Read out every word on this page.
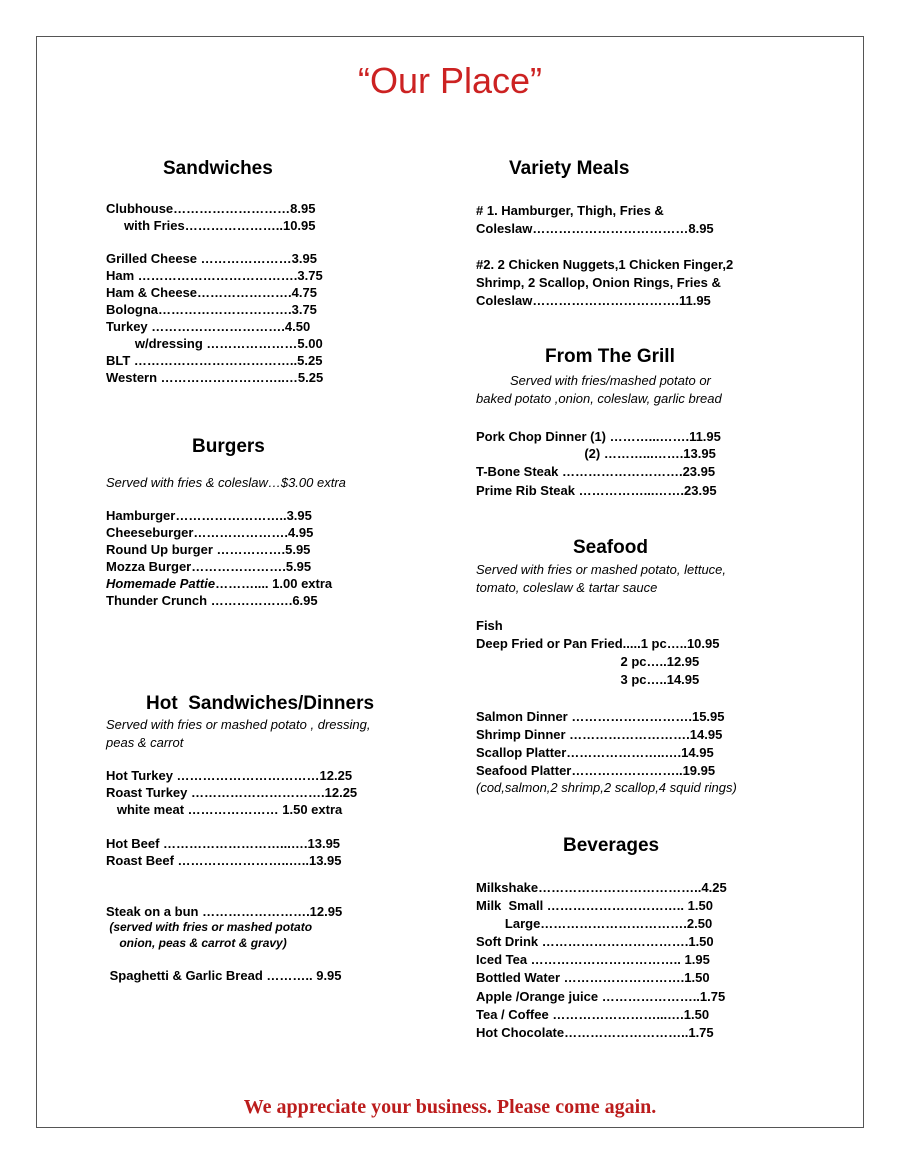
“Our Place”
Sandwiches
Clubhouse………………………8.95
with Fries…………………..10.95
Grilled Cheese …………………3.95
Ham ……………………………….3.75
Ham & Cheese………………….4.75
Bologna………………………….3.75
Turkey ………………………….4.50
w/dressing …………………5.00
BLT ………………………………..5.25
Western ………………………..…5.25
Burgers
Served with fries & coleslaw…$3.00 extra
Hamburger……………………..3.95
Cheeseburger………………….4.95
Round Up burger …………….5.95
Mozza Burger………………….5.95
Homemade Pattie……….... 1.00 extra
Thunder Crunch ……………….6.95
Hot  Sandwiches/Dinners
Served with fries or mashed potato , dressing,
peas & carrot
Hot Turkey ……………………………12.25
Roast Turkey ………………………….12.25
white meat ………………… 1.50 extra
Hot Beef ………………………...….13.95
Roast Beef ……………………..…..13.95
Steak on a bun …………………….12.95
(served with fries or mashed potato
onion, peas & carrot & gravy)
Spaghetti & Garlic Bread ……….. 9.95
Variety Meals
# 1. Hamburger, Thigh, Fries &
Coleslaw………………………………8.95
#2. 2 Chicken Nuggets,1 Chicken Finger,2
Shrimp, 2 Scallop, Onion Rings, Fries &
Coleslaw…………………………….11.95
From The Grill
Served with fries/mashed potato or
baked potato ,onion, coleslaw, garlic bread
Pork Chop Dinner (1) ………...…….11.95
(2) ………...…….13.95
T-Bone Steak ……………………….23.95
Prime Rib Steak ……………...…….23.95
Seafood
Served with fries or mashed potato, lettuce,
tomato, coleslaw & tartar sauce
Fish
Deep Fried or Pan Fried.....1 pc…..10.95
2 pc…..12.95
3 pc…..14.95
Salmon Dinner ……………………….15.95
Shrimp Dinner ……………………….14.95
Scallop Platter…………………..….14.95
Seafood Platter……………………..19.95
(cod,salmon,2 shrimp,2 scallop,4 squid rings)
Beverages
Milkshake………………………………..4.25
Milk  Small ………………………….. 1.50
Large…………………………….2.50
Soft Drink …………………………….1.50
Iced Tea …………………………….. 1.95
Bottled Water ……………………….1.50
Apple /Orange juice …………………..1.75
Tea / Coffee ……………………...….1.50
Hot Chocolate………………………..1.75
We appreciate your business. Please come again.
